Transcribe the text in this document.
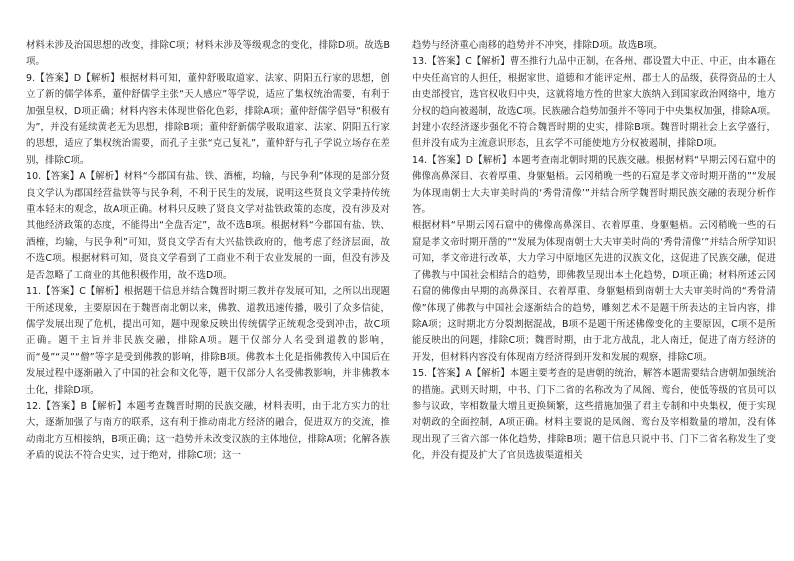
材料未涉及治国思想的改变，排除C项；材料未涉及等级观念的变化，排除D项。故选B项。

9.【答案】D【解析】根据材料可知，董仲舒吸取道家、法家、阴阳五行家的思想，创立了新的儒学体系，董仲舒儒学主张“天人感应”等学说，适应了集权统治需要，有利于加强皇权，D项正确；材料内容未体现世俗化色彩，排除A项；董仲舒儒学倡导“积极有为”，并没有延续黄老无为思想，排除B项；董仲舒新儒学吸取道家、法家、阴阳五行家的思想，适应了集权统治需要，而孔子主张“克己复礼”，董仲舒与孔子学说立场存在差别，排除C项。

10.【答案】A【解析】材料“今郡国有盐、铁、酒榷，均输，与民争利”体现的是部分贤良文学认为郡国经营盐铁等与民争利，不利于民生的发展，说明这些贤良文学秉持传统重本轻末的观念，故A项正确。材料只反映了贤良文学对盐铁政策的态度，没有涉及对其他经济政策的态度，不能得出“全盘否定”，故不选B项。根据材料“今郡国有盐、铁、酒榷，均输，与民争利”可知，贤良文学否有大兴盐铁政府的，他考虑了经济层面，故不选C项。根据材料可知，贤良文学看到了工商业不利于农业发展的一面，但没有涉及是否忽略了工商业的其他积极作用，故不选D项。

11.【答案】C【解析】根据题干信息并结合魏晋时期三教并存发展可知，之所以出现题干所述现象，主要原因在于魏晋南北朝以来，佛教、道教迅速传播，吸引了众多信徒，儒学发展出现了危机，提出可知，题中现象反映出传统儒学正统观念受到冲击，故C项正确。题干主旨并非民族交融，排除A项。题干仅部分人名受到道教的影响，而“曼”“灵”“僧”等字是受到佛教的影响，排除B项。佛教本土化是指佛教传入中国后在发展过程中逐渐融入了中国的社会和文化等，题干仅部分人名受佛教影响，并非佛教本土化，排除D项。

12.【答案】B【解析】本题考查魏晋时期的民族交融，材料表明，由于北方实力的壮大，逐渐加强了与南方的联系，这有利于推动南北方经济的融合，促进双方的交流，推动南北方互相接纳，B项正确；这一趋势并未改变汉族的主体地位，排除A项；化解各族矛盾的说法不符合史实，过于绝对，排除C项；这一

趋势与经济重心南移的趋势并不冲突，排除D项。故选B项。

13.【答案】C【解析】曹丕推行九品中正制，在各州、郡设置大中正、中正，由本籍在中央任高官的人担任，根据家世、道德和才能评定州、郡士人的品级，获得资品的士人由吏部授官，选官权收归中央，这就将地方性的世家大族纳入到国家政治网络中，地方分权的趋向被遏制，故选C项。民族融合趋势加强并不等同于中央集权加强，排除A项。封建小农经济逐步强化不符合魏晋时期的史实，排除B项。魏晋时期社会上玄学盛行，但并没有成为主流意识形态，且玄学不可能使地方分权被遏制，排除D项。

14.【答案】D【解析】本题考查南北朝时期的民族交融。根据材料“早期云冈石窟中的佛像高鼻深目、衣着厚重、身躯魁梧。云冈稍晚一些的石窟是孝文帝时期开凿的”“发展为体现南朝士大夫审美时尚的‘秀骨清像’”并结合所学魏晋时期民族交融的表现分析作答。

根据材料“早期云冈石窟中的佛像高鼻深目、衣着厚重、身躯魁梧。云冈稍晚一些的石窟是孝文帝时期开凿的”“发展为体现南朝士大夫审美时尚的‘秀骨清像’”并结合所学知识可知，孝文帝进行改革，大力学习中原地区先进的汉族文化，这促进了民族交融，促进了佛教与中国社会相结合的趋势，即佛教呈现出本土化趋势，D项正确；材料所述云冈石窟的佛像由早期的高鼻深目、衣着厚重、身躯魁梧到南朝士大夫审美时尚的“秀骨清像”体现了佛教与中国社会逐渐结合的趋势，雕刻艺术不是题干所表达的主旨内容，排除A项；这时期北方分裂割据混战，B项不是题干所述佛像变化的主要原因，C项不是所能反映出的问题，排除C项；魏晋时期，由于北方战乱，北人南迁，促进了南方经济的开发，但材料内容没有体现南方经济得到开发和发展的观察，排除C项。

15.【答案】A【解析】本题主要考查的是唐朝的统治，解答本题需要结合唐朝加强统治的措施。武则天时期，中书、门下二省的名称改为了凤阁、鸾台，使低等级的官员可以参与议政，宰相数量大增且更换频繁，这些措施加强了君主专制和中央集权，便于实现对朝政的全面控制，A项正确。材料主要说的是凤阁、鸾台及宰相数量的增加，没有体现出现了三省六部一体化趋势，排除B项；题干信息只说中书、门下二省名称发生了变化，并没有提及扩大了官员选拔渠道相关
